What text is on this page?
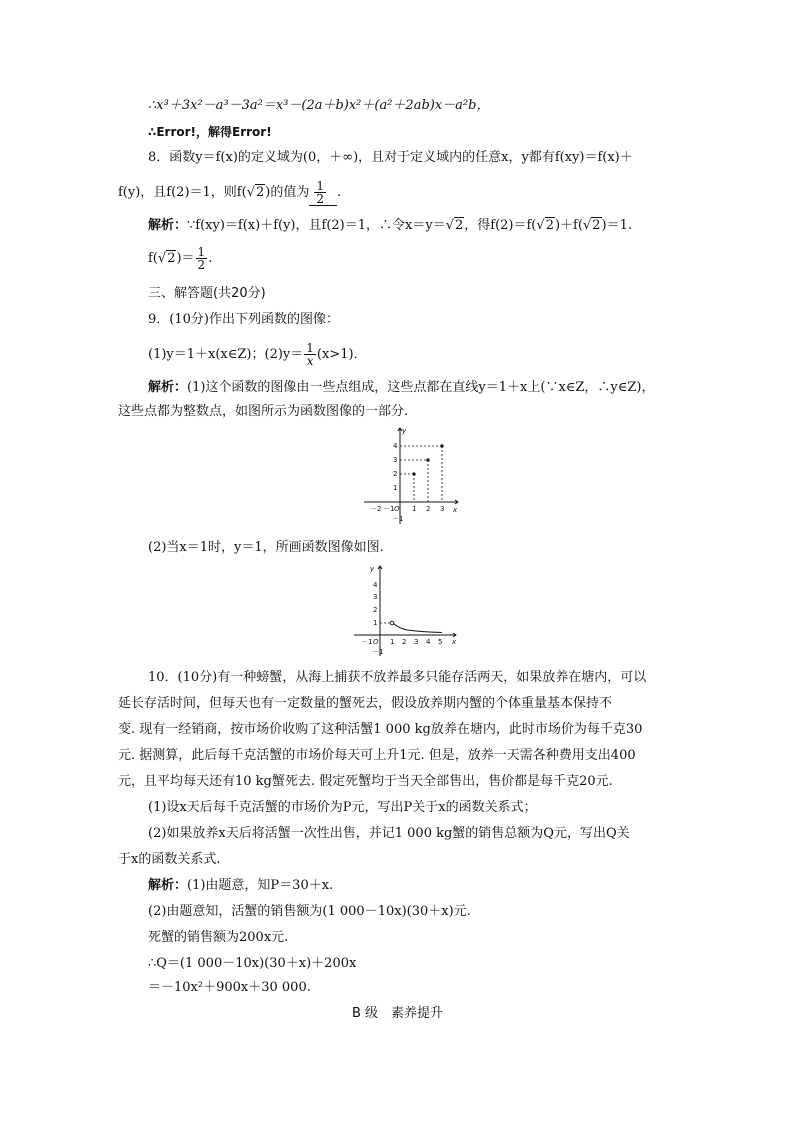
∴x³＋3x²－a³－3a²＝x³－(2a＋b)x²＋(a²＋2ab)x－a²b，
∴Error!，解得Error!
8．函数y＝f(x)的定义域为(0，＋∞)，且对于定义域内的任意x，y都有f(xy)＝f(x)＋
f(y)，且f(2)＝1，则f(√2)的值为 $\frac{1}{2}$ .
解析：∵f(xy)＝f(x)＋f(y)，且f(2)＝1，∴令x＝y＝√2，得f(2)＝f(√2)＋f(√2)＝1.
$f(√2)= \frac{1}{2}$ .
三、解答题(共20分)
9．(10分)作出下列函数的图像：
(1)y＝1＋x(x∈Z)；$(2)y= \frac{1}{x} (x>1)$．
解析：(1)这个函数的图像由一些点组成，这些点都在直线y＝1＋x上(∵x∈Z，∴y∈Z)，
这些点都为整数点，如图所示为函数图像的一部分.
y
x
4
3
2
1
－2 －1 O 1 2 3
－1
(2)当x＝1时，y＝1，所画函数图像如图.
y
x
4
3
2
1
－1 O 1 2 3 4 5
－1
10．(10分)有一种螃蟹，从海上捕获不放养最多只能存活两天，如果放养在塘内，可以
延长存活时间，但每天也有一定数量的蟹死去，假设放养期内蟹的个体重量基本保持不
变. 现有一经销商，按市场价收购了这种活蟹1 000 kg放养在塘内，此时市场价为每千克30
元. 据测算，此后每千克活蟹的市场价每天可上升1元. 但是，放养一天需各种费用支出400
元，且平均每天还有10 kg蟹死去. 假定死蟹均于当天全部售出，售价都是每千克20元.
(1)设x天后每千克活蟹的市场价为P元，写出P关于x的函数关系式；
(2)如果放养x天后将活蟹一次性出售，并记1 000 kg蟹的销售总额为Q元，写出Q关
于x的函数关系式.
解析：(1)由题意，知P＝30＋x.
(2)由题意知，活蟹的销售额为(1 000－10x)(30＋x)元.
死蟹的销售额为200x元.
∴Q＝(1 000－10x)(30＋x)＋200x
＝－10x²＋900x＋30 000.
B 级　素养提升
